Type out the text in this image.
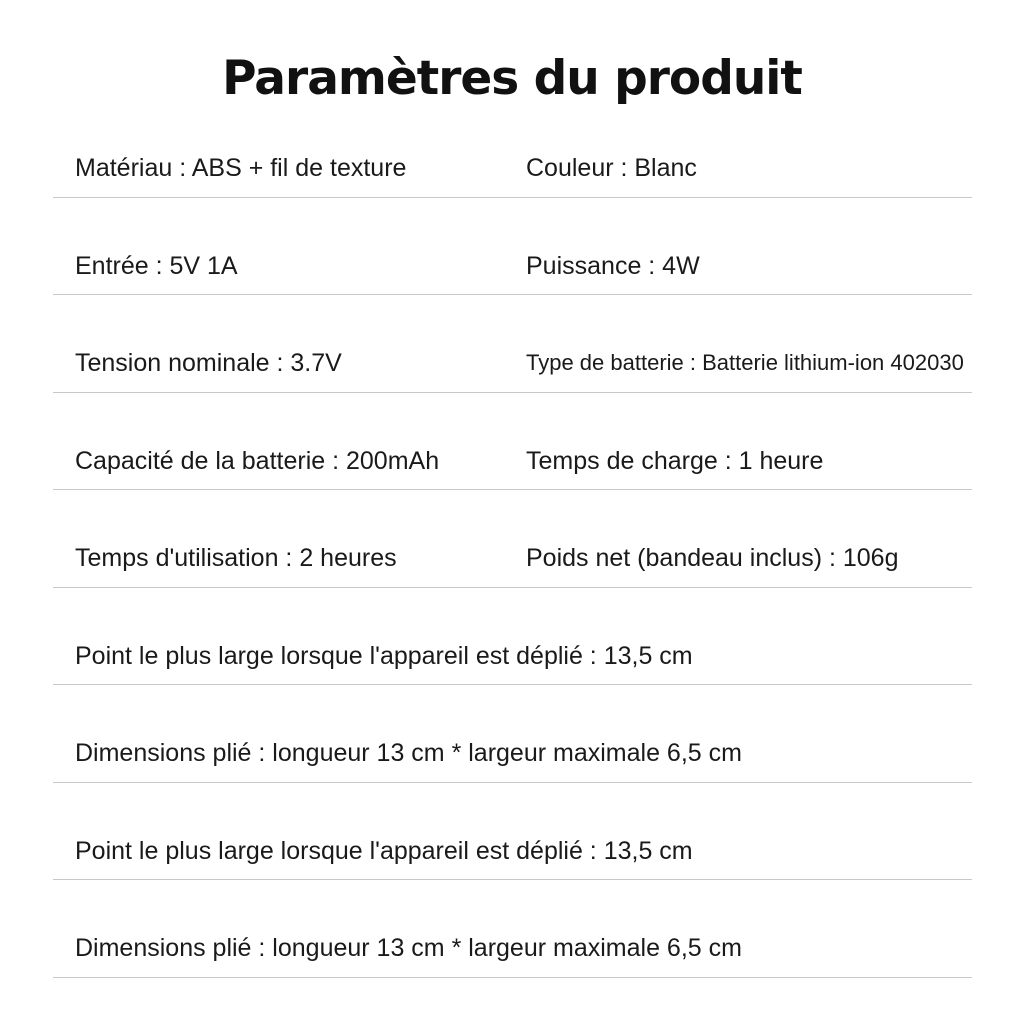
Paramètres du produit
Matériau : ABS + fil de texture	Couleur : Blanc
Entrée : 5V 1A	Puissance : 4W
Tension nominale : 3.7V	Type de batterie : Batterie lithium-ion 402030
Capacité de la batterie : 200mAh	Temps de charge : 1 heure
Temps d'utilisation : 2 heures	Poids net (bandeau inclus) : 106g
Point le plus large lorsque l'appareil est déplié : 13,5 cm
Dimensions plié : longueur 13 cm * largeur maximale 6,5 cm
Point le plus large lorsque l'appareil est déplié : 13,5 cm
Dimensions plié : longueur 13 cm * largeur maximale 6,5 cm
